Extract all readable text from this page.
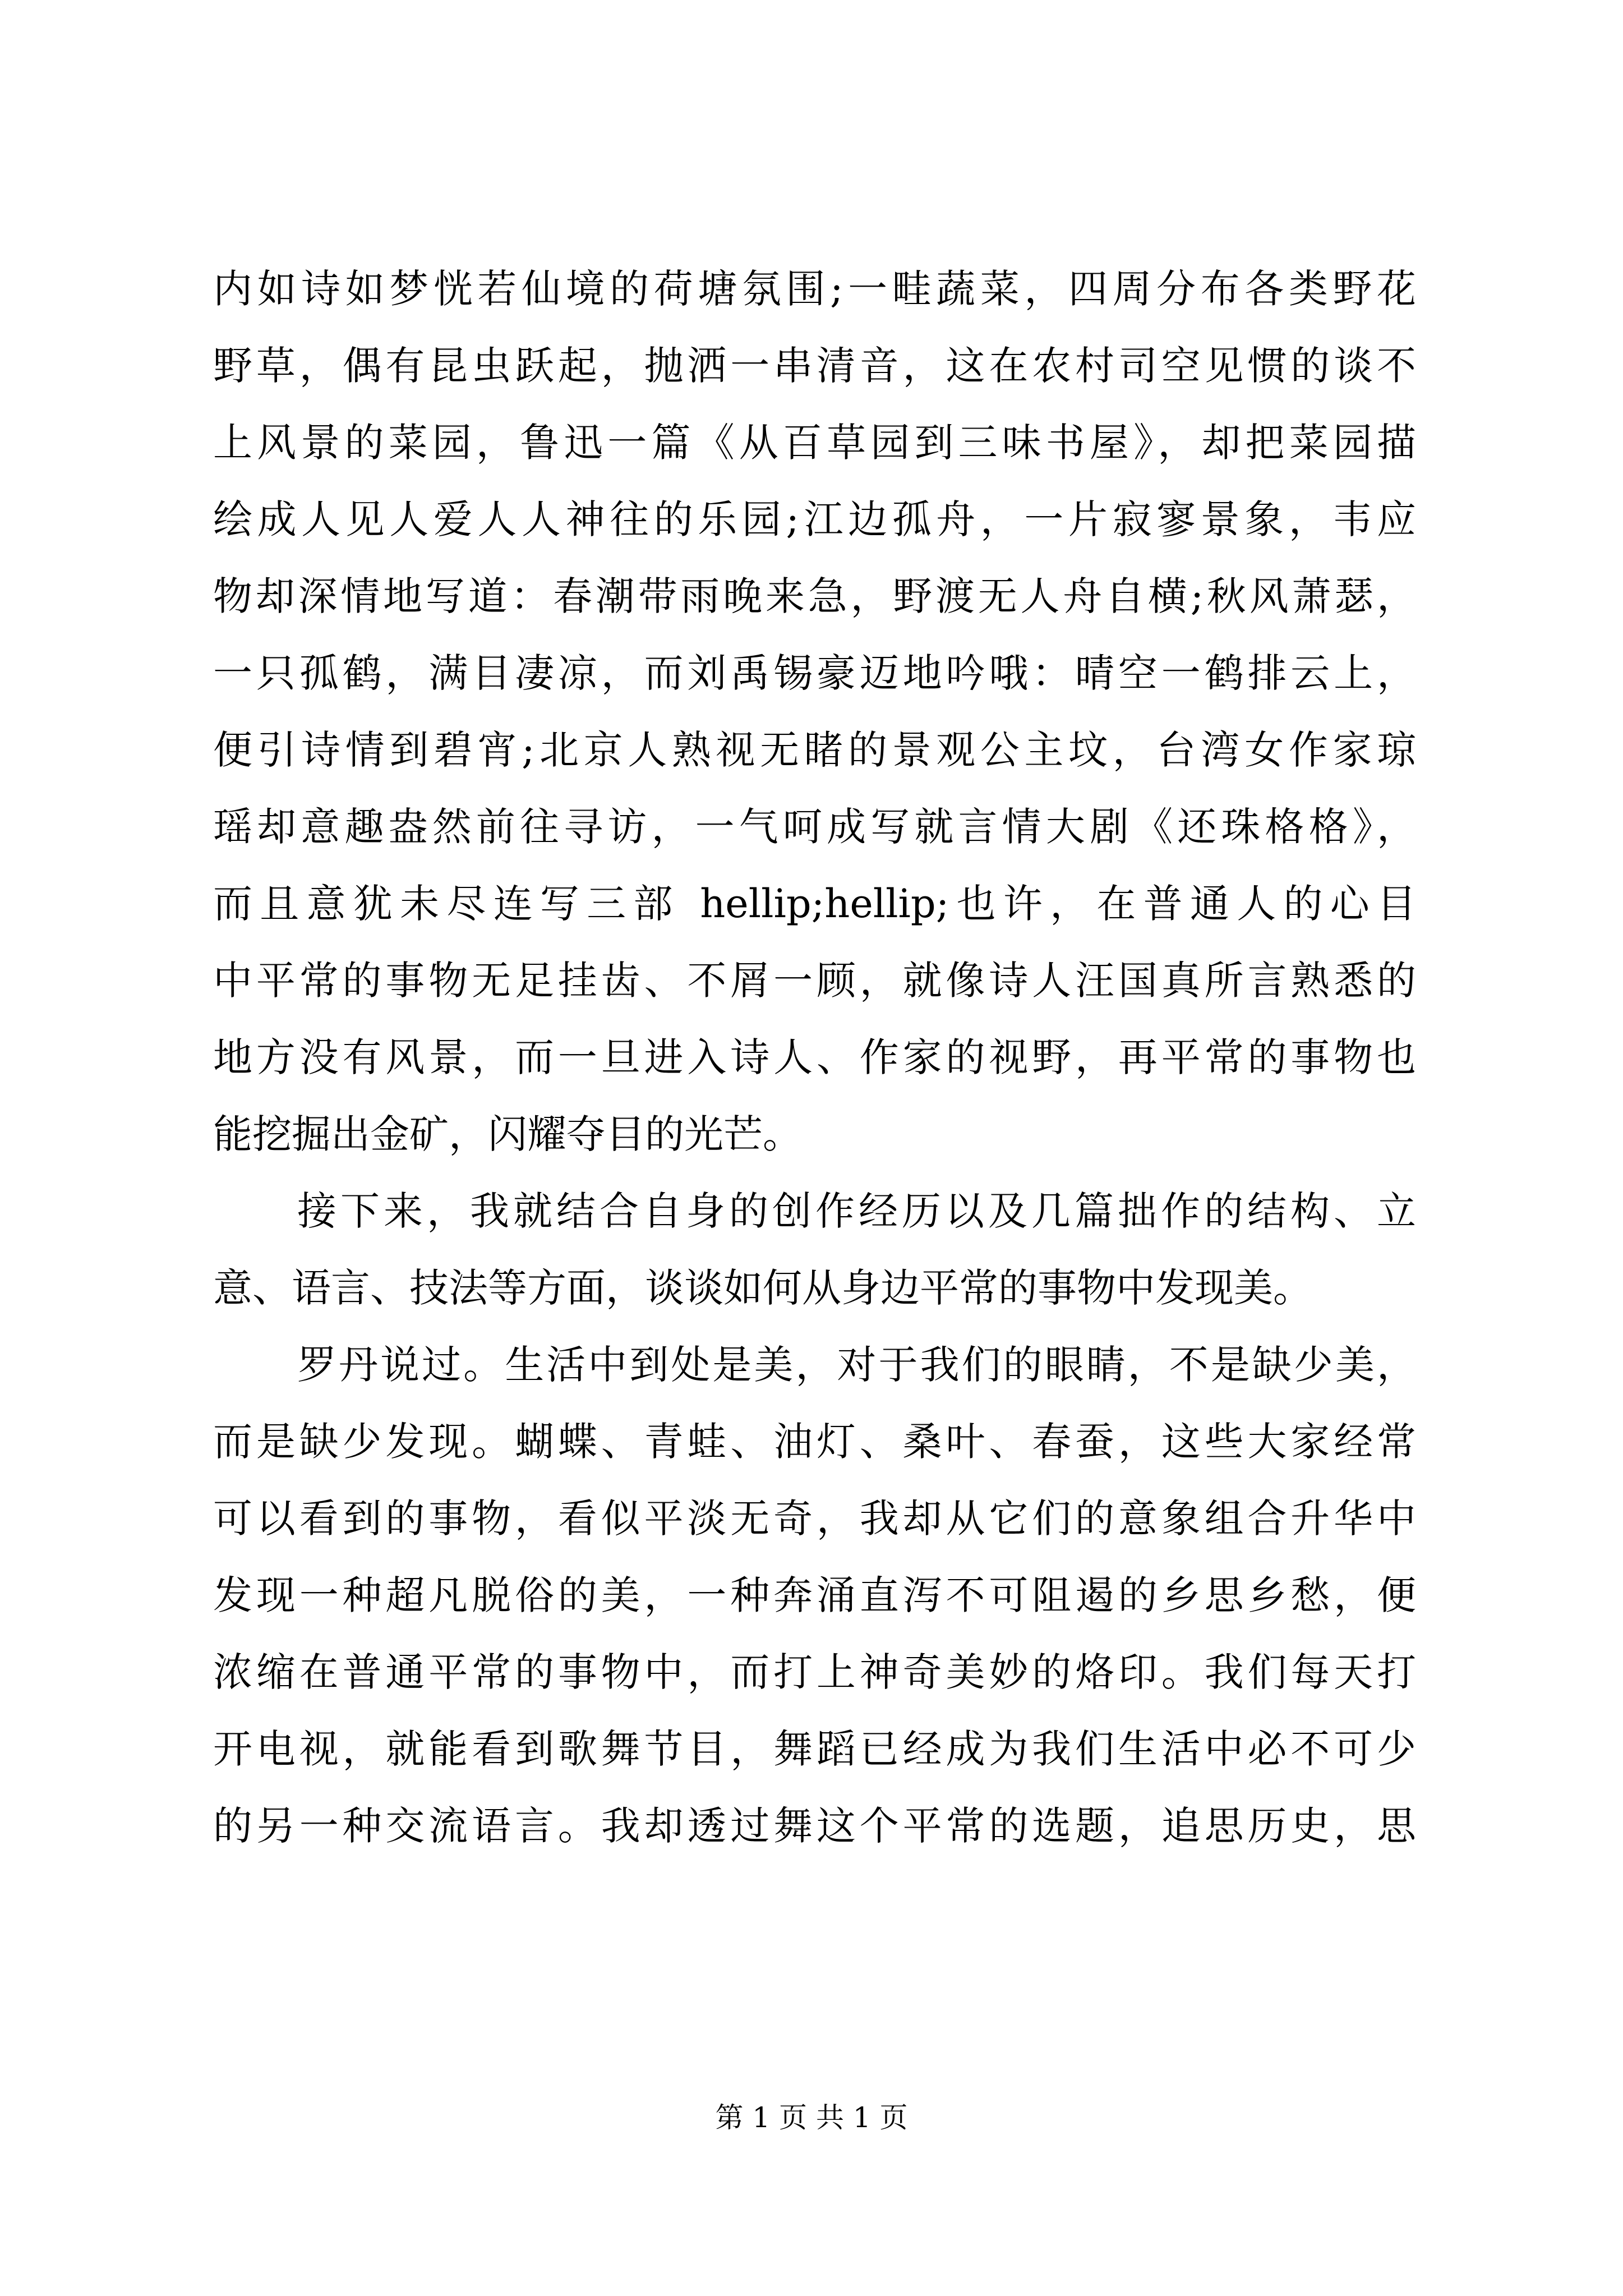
内如诗如梦恍若仙境的荷塘氛围;一畦蔬菜，四周分布各类野花
野草，偶有昆虫跃起，抛洒一串清音，这在农村司空见惯的谈不
上风景的菜园，鲁迅一篇《从百草园到三味书屋》，却把菜园描
绘成人见人爱人人神往的乐园;江边孤舟，一片寂寥景象，韦应
物却深情地写道：春潮带雨晚来急，野渡无人舟自横;秋风萧瑟，
一只孤鹤，满目凄凉，而刘禹锡豪迈地吟哦：晴空一鹤排云上，
便引诗情到碧宵;北京人熟视无睹的景观公主坟，台湾女作家琼
瑶却意趣盎然前往寻访，一气呵成写就言情大剧《还珠格格》，
而且意犹未尽连写三部 hellip;hellip;也许，在普通人的心目
中平常的事物无足挂齿、不屑一顾，就像诗人汪国真所言熟悉的
地方没有风景，而一旦进入诗人、作家的视野，再平常的事物也
能挖掘出金矿，闪耀夺目的光芒。
接下来，我就结合自身的创作经历以及几篇拙作的结构、立
意、语言、技法等方面，谈谈如何从身边平常的事物中发现美。
罗丹说过。生活中到处是美，对于我们的眼睛，不是缺少美，
而是缺少发现。蝴蝶、青蛙、油灯、桑叶、春蚕，这些大家经常
可以看到的事物，看似平淡无奇，我却从它们的意象组合升华中
发现一种超凡脱俗的美，一种奔涌直泻不可阻遏的乡思乡愁，便
浓缩在普通平常的事物中，而打上神奇美妙的烙印。我们每天打
开电视，就能看到歌舞节目，舞蹈已经成为我们生活中必不可少
的另一种交流语言。我却透过舞这个平常的选题，追思历史，思
第 1 页 共 1 页
